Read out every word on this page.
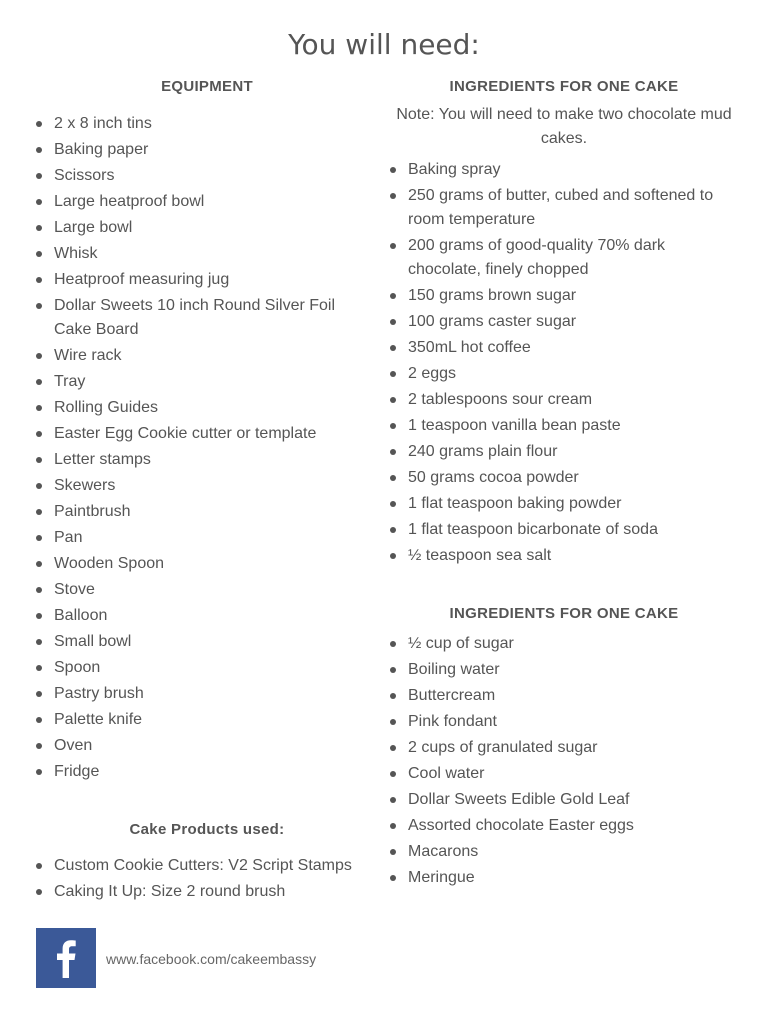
You will need:
EQUIPMENT
2 x 8 inch tins
Baking paper
Scissors
Large heatproof bowl
Large bowl
Whisk
Heatproof measuring jug
Dollar Sweets 10 inch Round Silver Foil Cake Board
Wire rack
Tray
Rolling Guides
Easter Egg Cookie cutter or template
Letter stamps
Skewers
Paintbrush
Pan
Wooden Spoon
Stove
Balloon
Small bowl
Spoon
Pastry brush
Palette knife
Oven
Fridge
Cake Products used:
Custom Cookie Cutters: V2 Script Stamps
Caking It Up: Size 2 round brush
INGREDIENTS FOR ONE CAKE
Note: You will need to make two chocolate mud cakes.
Baking spray
250 grams of butter, cubed and softened to room temperature
200 grams of good-quality 70% dark chocolate, finely chopped
150 grams brown sugar
100 grams caster sugar
350mL hot coffee
2 eggs
2 tablespoons sour cream
1 teaspoon vanilla bean paste
240 grams plain flour
50 grams cocoa powder
1 flat teaspoon baking powder
1 flat teaspoon bicarbonate of soda
½ teaspoon sea salt
INGREDIENTS FOR ONE CAKE
½ cup of sugar
Boiling water
Buttercream
Pink fondant
2 cups of granulated sugar
Cool water
Dollar Sweets Edible Gold Leaf
Assorted chocolate Easter eggs
Macarons
Meringue
www.facebook.com/cakeembassy
